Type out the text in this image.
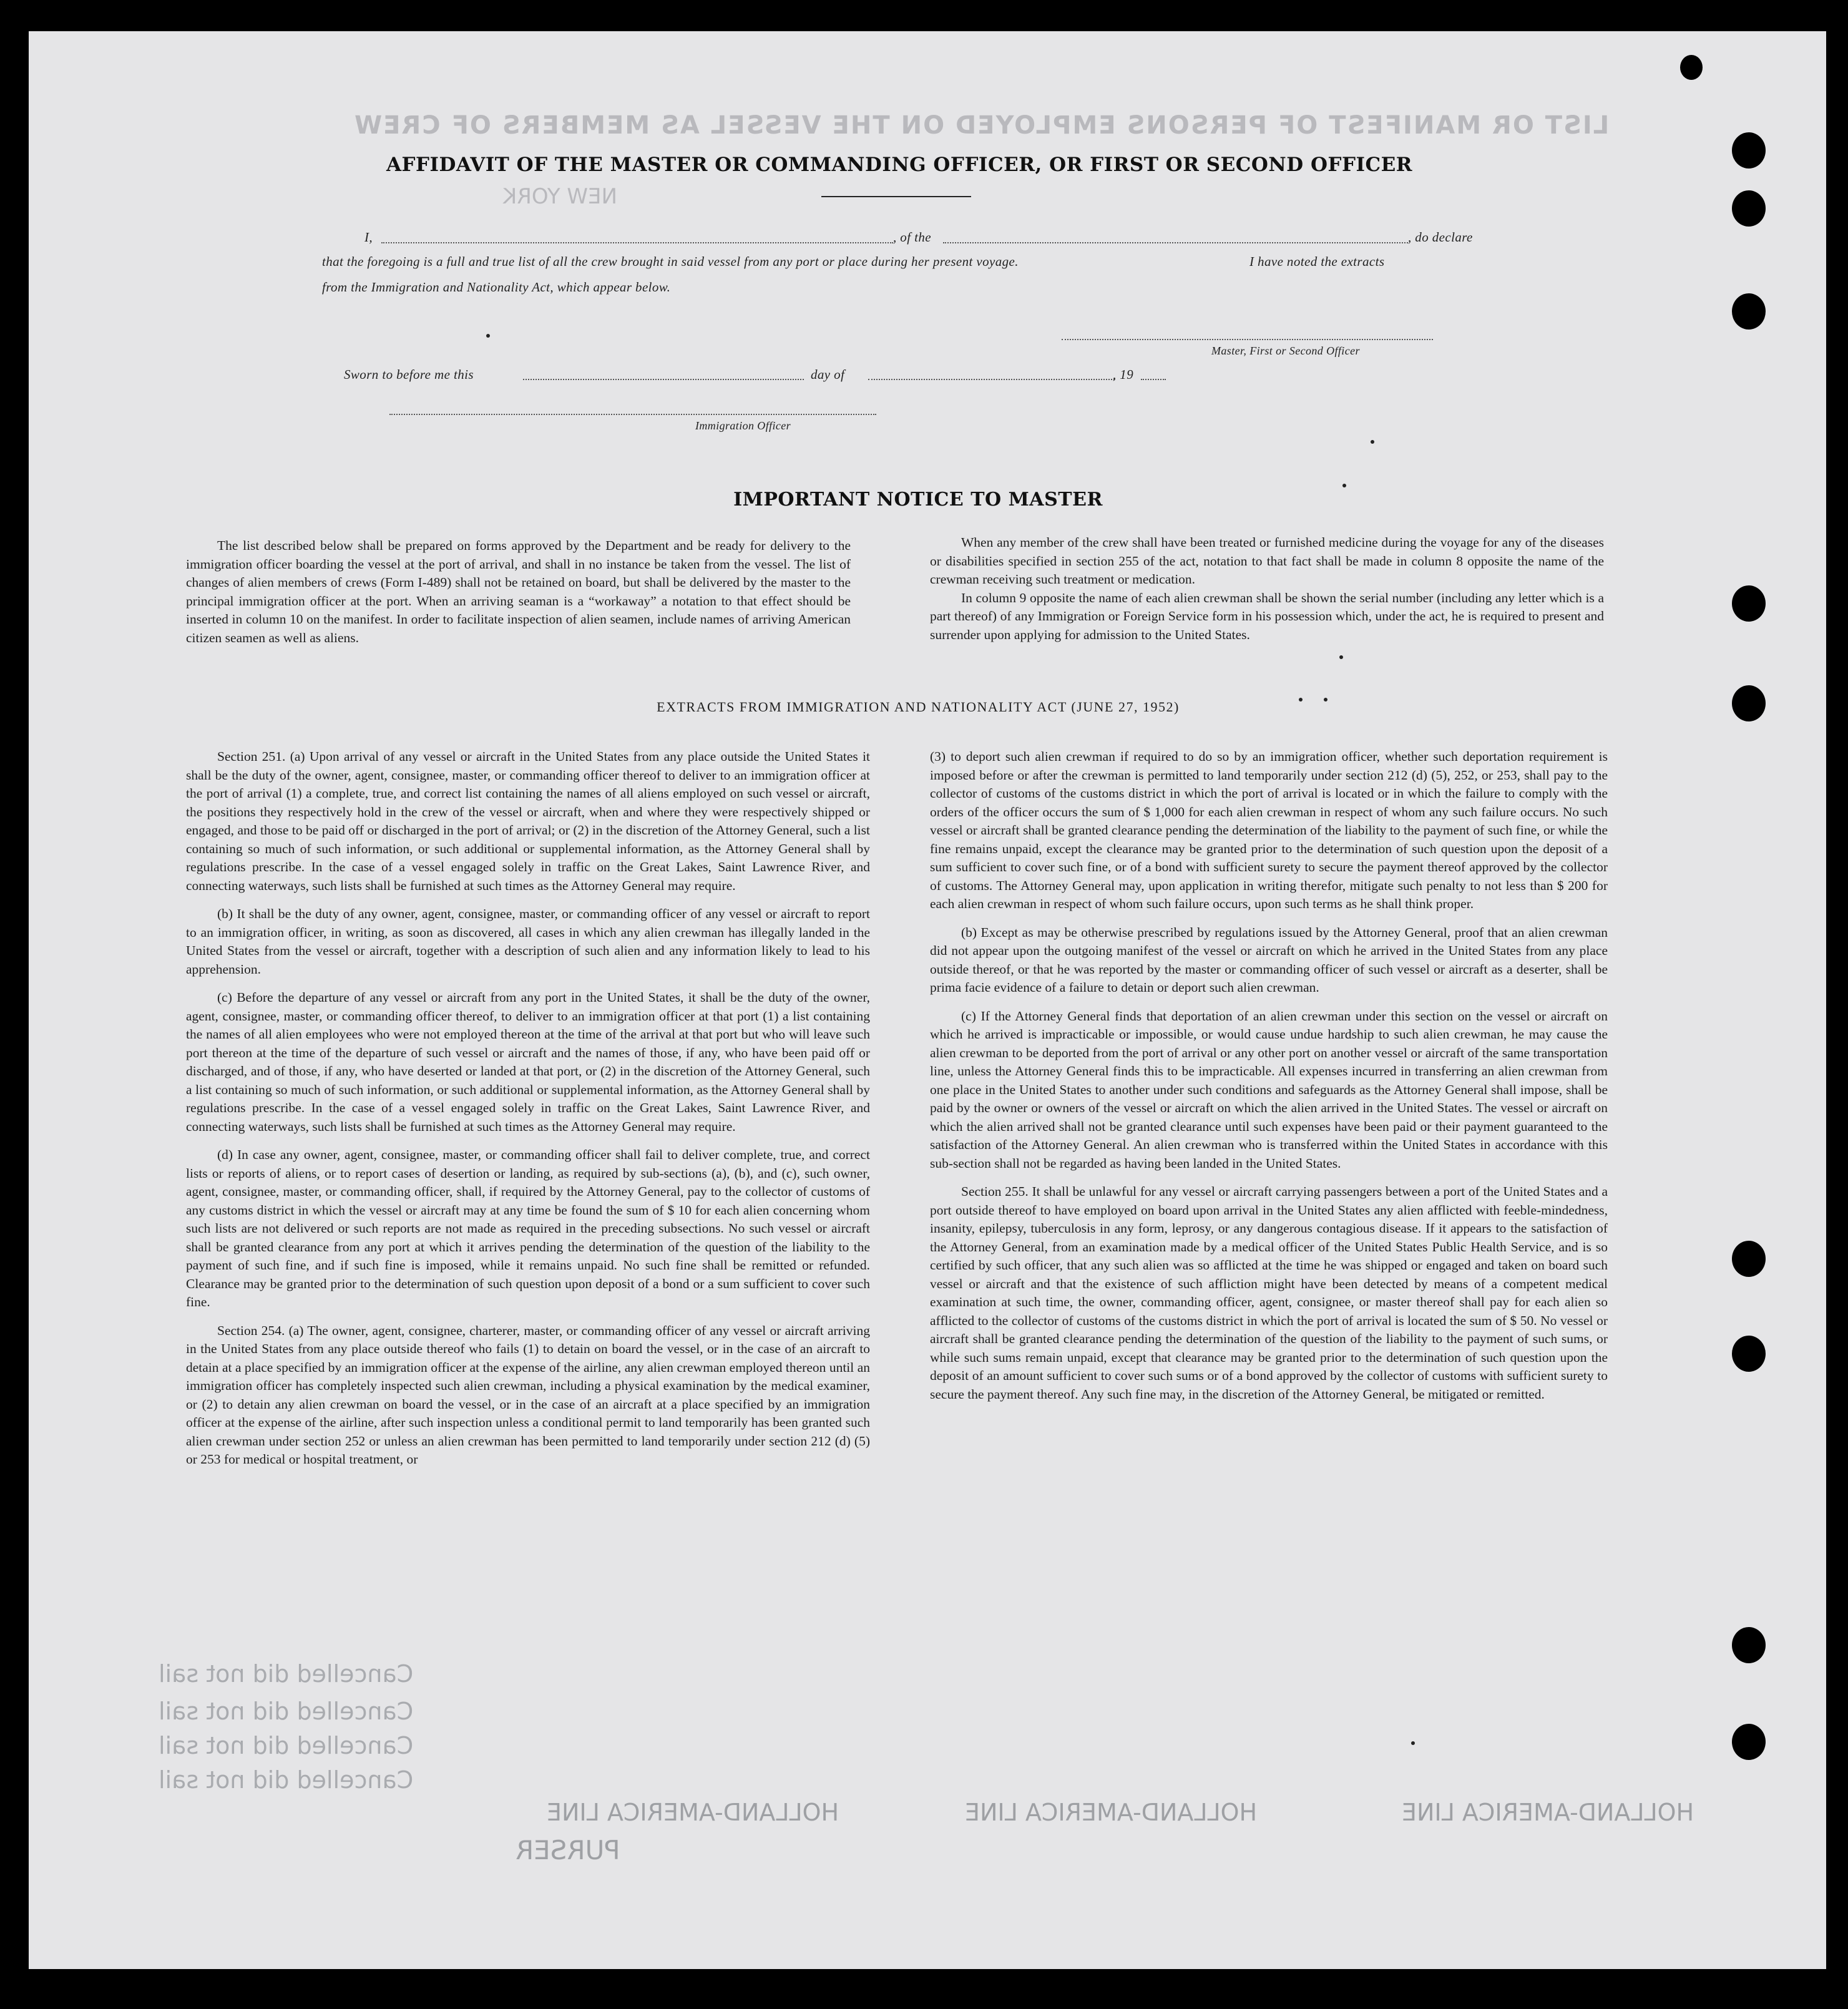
LIST OR MANIFEST OF PERSONS EMPLOYED ON THE VESSEL AS MEMBERS OF CREW
NEW YORK
AFFIDAVIT OF THE MASTER OR COMMANDING OFFICER, OR FIRST OR SECOND OFFICER
I,	, of the	, do declare
that the foregoing is a full and true list of all the crew brought in said vessel from any port or place during her present voyage.	I have noted the extracts
from the Immigration and Nationality Act, which appear below.
Master, First or Second Officer
Sworn to before me this	day of	, 19
Immigration Officer
IMPORTANT NOTICE TO MASTER

The list described below shall be prepared on forms approved by the Department and be ready for delivery to the immigration officer boarding the vessel at the port of arrival, and shall in no instance be taken from the vessel. The list of changes of alien members of crews (Form I-489) shall not be retained on board, but shall be delivered by the master to the principal immigration officer at the port. When an arriving seaman is a “workaway” a notation to that effect should be inserted in column 10 on the manifest. In order to facilitate inspection of alien seamen, include names of arriving American citizen seamen as well as aliens.

When any member of the crew shall have been treated or furnished medicine during the voyage for any of the diseases or disabilities specified in section 255 of the act, notation to that fact shall be made in column 8 opposite the name of the crewman receiving such treatment or medication.

In column 9 opposite the name of each alien crewman shall be shown the serial number (including any letter which is a part thereof) of any Immigration or Foreign Service form in his possession which, under the act, he is required to present and surrender upon applying for admission to the United States.

EXTRACTS FROM IMMIGRATION AND NATIONALITY ACT (JUNE 27, 1952)

Section 251. (a) Upon arrival of any vessel or aircraft in the United States from any place outside the United States it shall be the duty of the owner, agent, consignee, master, or commanding officer thereof to deliver to an immigration officer at the port of arrival (1) a complete, true, and correct list containing the names of all aliens employed on such vessel or aircraft, the positions they respectively hold in the crew of the vessel or aircraft, when and where they were respectively shipped or engaged, and those to be paid off or discharged in the port of arrival; or (2) in the discretion of the Attorney General, such a list containing so much of such information, or such additional or supplemental information, as the Attorney General shall by regulations prescribe. In the case of a vessel engaged solely in traffic on the Great Lakes, Saint Lawrence River, and connecting waterways, such lists shall be furnished at such times as the Attorney General may require.

(b) It shall be the duty of any owner, agent, consignee, master, or commanding officer of any vessel or aircraft to report to an immigration officer, in writing, as soon as discovered, all cases in which any alien crewman has illegally landed in the United States from the vessel or aircraft, together with a description of such alien and any information likely to lead to his apprehension.

(c) Before the departure of any vessel or aircraft from any port in the United States, it shall be the duty of the owner, agent, consignee, master, or commanding officer thereof, to deliver to an immigration officer at that port (1) a list containing the names of all alien employees who were not employed thereon at the time of the arrival at that port but who will leave such port thereon at the time of the departure of such vessel or aircraft and the names of those, if any, who have been paid off or discharged, and of those, if any, who have deserted or landed at that port, or (2) in the discretion of the Attorney General, such a list containing so much of such information, or such additional or supplemental information, as the Attorney General shall by regulations prescribe. In the case of a vessel engaged solely in traffic on the Great Lakes, Saint Lawrence River, and connecting waterways, such lists shall be furnished at such times as the Attorney General may require.

(d) In case any owner, agent, consignee, master, or commanding officer shall fail to deliver complete, true, and correct lists or reports of aliens, or to report cases of desertion or landing, as required by sub-sections (a), (b), and (c), such owner, agent, consignee, master, or commanding officer, shall, if required by the Attorney General, pay to the collector of customs of any customs district in which the vessel or aircraft may at any time be found the sum of $ 10 for each alien concerning whom such lists are not delivered or such reports are not made as required in the preceding subsections. No such vessel or aircraft shall be granted clearance from any port at which it arrives pending the determination of the question of the liability to the payment of such fine, and if such fine is imposed, while it remains unpaid. No such fine shall be remitted or refunded. Clearance may be granted prior to the determination of such question upon deposit of a bond or a sum sufficient to cover such fine.

Section 254. (a) The owner, agent, consignee, charterer, master, or commanding officer of any vessel or aircraft arriving in the United States from any place outside thereof who fails (1) to detain on board the vessel, or in the case of an aircraft to detain at a place specified by an immigration officer at the expense of the airline, any alien crewman employed thereon until an immigration officer has completely inspected such alien crewman, including a physical examination by the medical examiner, or (2) to detain any alien crewman on board the vessel, or in the case of an aircraft at a place specified by an immigration officer at the expense of the airline, after such inspection unless a conditional permit to land temporarily has been granted such alien crewman under section 252 or unless an alien crewman has been permitted to land temporarily under section 212 (d) (5) or 253 for medical or hospital treatment, or

(3) to deport such alien crewman if required to do so by an immigration officer, whether such deportation requirement is imposed before or after the crewman is permitted to land temporarily under section 212 (d) (5), 252, or 253, shall pay to the collector of customs of the customs district in which the port of arrival is located or in which the failure to comply with the orders of the officer occurs the sum of $ 1,000 for each alien crewman in respect of whom any such failure occurs. No such vessel or aircraft shall be granted clearance pending the determination of the liability to the payment of such fine, or while the fine remains unpaid, except the clearance may be granted prior to the determination of such question upon the deposit of a sum sufficient to cover such fine, or of a bond with sufficient surety to secure the payment thereof approved by the collector of customs. The Attorney General may, upon application in writing therefor, mitigate such penalty to not less than $ 200 for each alien crewman in respect of whom such failure occurs, upon such terms as he shall think proper.

(b) Except as may be otherwise prescribed by regulations issued by the Attorney General, proof that an alien crewman did not appear upon the outgoing manifest of the vessel or aircraft on which he arrived in the United States from any place outside thereof, or that he was reported by the master or commanding officer of such vessel or aircraft as a deserter, shall be prima facie evidence of a failure to detain or deport such alien crewman.

(c) If the Attorney General finds that deportation of an alien crewman under this section on the vessel or aircraft on which he arrived is impracticable or impossible, or would cause undue hardship to such alien crewman, he may cause the alien crewman to be deported from the port of arrival or any other port on another vessel or aircraft of the same transportation line, unless the Attorney General finds this to be impracticable. All expenses incurred in transferring an alien crewman from one place in the United States to another under such conditions and safeguards as the Attorney General shall impose, shall be paid by the owner or owners of the vessel or aircraft on which the alien arrived in the United States. The vessel or aircraft on which the alien arrived shall not be granted clearance until such expenses have been paid or their payment guaranteed to the satisfaction of the Attorney General. An alien crewman who is transferred within the United States in accordance with this sub-section shall not be regarded as having been landed in the United States.

Section 255. It shall be unlawful for any vessel or aircraft carrying passengers between a port of the United States and a port outside thereof to have employed on board upon arrival in the United States any alien afflicted with feeble-mindedness, insanity, epilepsy, tuberculosis in any form, leprosy, or any dangerous contagious disease. If it appears to the satisfaction of the Attorney General, from an examination made by a medical officer of the United States Public Health Service, and is so certified by such officer, that any such alien was so afflicted at the time he was shipped or engaged and taken on board such vessel or aircraft and that the existence of such affliction might have been detected by means of a competent medical examination at such time, the owner, commanding officer, agent, consignee, or master thereof shall pay for each alien so afflicted to the collector of customs of the customs district in which the port of arrival is located the sum of $ 50. No vessel or aircraft shall be granted clearance pending the determination of the question of the liability to the payment of such sums, or while such sums remain unpaid, except that clearance may be granted prior to the determination of such question upon the deposit of an amount sufficient to cover such sums or of a bond approved by the collector of customs with sufficient surety to secure the payment thereof. Any such fine may, in the discretion of the Attorney General, be mitigated or remitted.

Cancelled did not sail
Cancelled did not sail
Cancelled did not sail
Cancelled did not sail
HOLLAND-AMERICA LINE	HOLLAND-AMERICA LINE	HOLLAND-AMERICA LINE
PURSER
